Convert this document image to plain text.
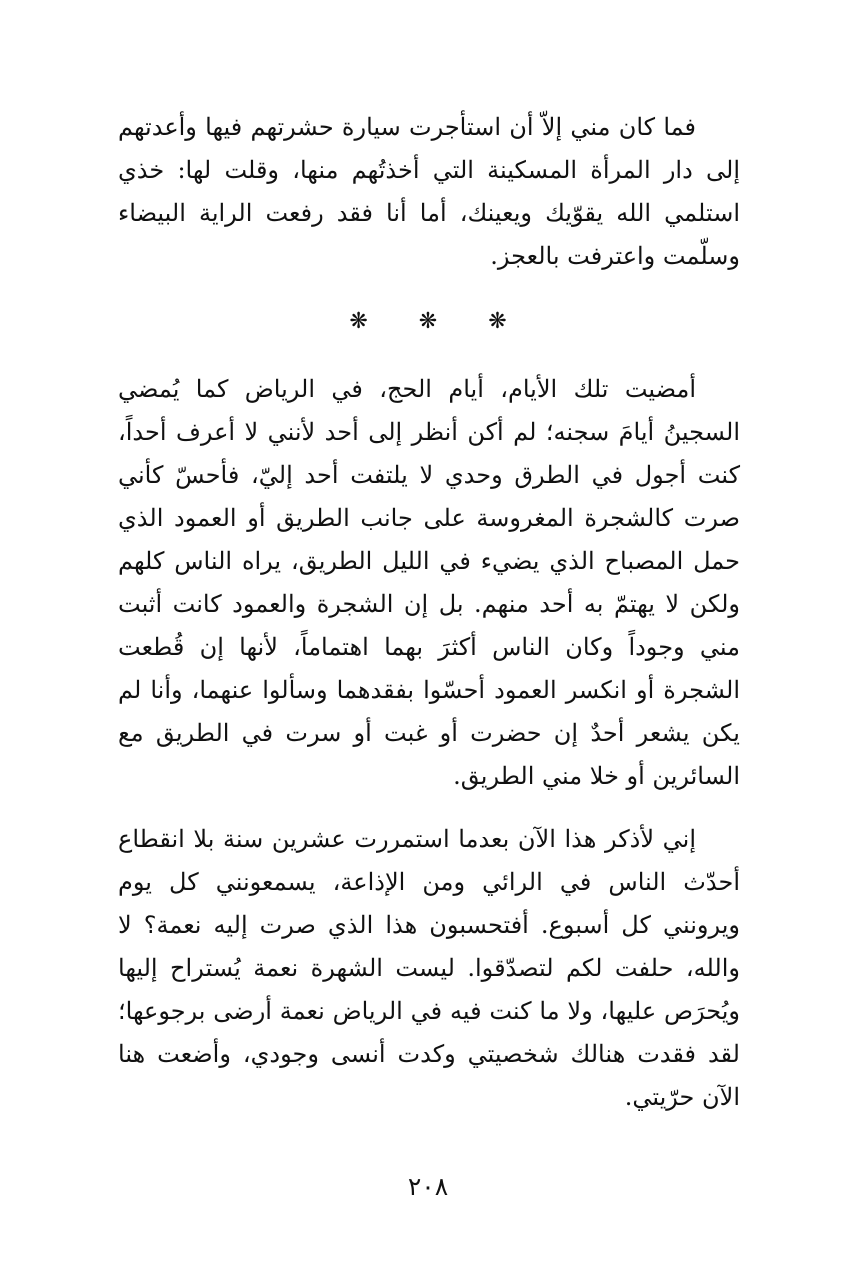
فما كان مني إلاّ أن استأجرت سيارة حشرتهم فيها وأعدتهم إلى دار المرأة المسكينة التي أخذتُهم منها، وقلت لها: خذي استلمي الله يقوّيك ويعينك، أما أنا فقد رفعت الراية البيضاء وسلّمت واعترفت بالعجز.

❋ ❋ ❋

أمضيت تلك الأيام، أيام الحج، في الرياض كما يُمضي السجينُ أيامَ سجنه؛ لم أكن أنظر إلى أحد لأنني لا أعرف أحداً، كنت أجول في الطرق وحدي لا يلتفت أحد إليّ، فأحسّ كأني صرت كالشجرة المغروسة على جانب الطريق أو العمود الذي حمل المصباح الذي يضيء في الليل الطريق، يراه الناس كلهم ولكن لا يهتمّ به أحد منهم. بل إن الشجرة والعمود كانت أثبت مني وجوداً وكان الناس أكثرَ بهما اهتماماً، لأنها إن قُطعت الشجرة أو انكسر العمود أحسّوا بفقدهما وسألوا عنهما، وأنا لم يكن يشعر أحدٌ إن حضرت أو غبت أو سرت في الطريق مع السائرين أو خلا مني الطريق.

إني لأذكر هذا الآن بعدما استمررت عشرين سنة بلا انقطاع أحدّث الناس في الرائي ومن الإذاعة، يسمعونني كل يوم ويرونني كل أسبوع. أفتحسبون هذا الذي صرت إليه نعمة؟ لا والله، حلفت لكم لتصدّقوا. ليست الشهرة نعمة يُستراح إليها ويُحرَص عليها، ولا ما كنت فيه في الرياض نعمة أرضى برجوعها؛ لقد فقدت هنالك شخصيتي وكدت أنسى وجودي، وأضعت هنا الآن حرّيتي.

٢٠٨
